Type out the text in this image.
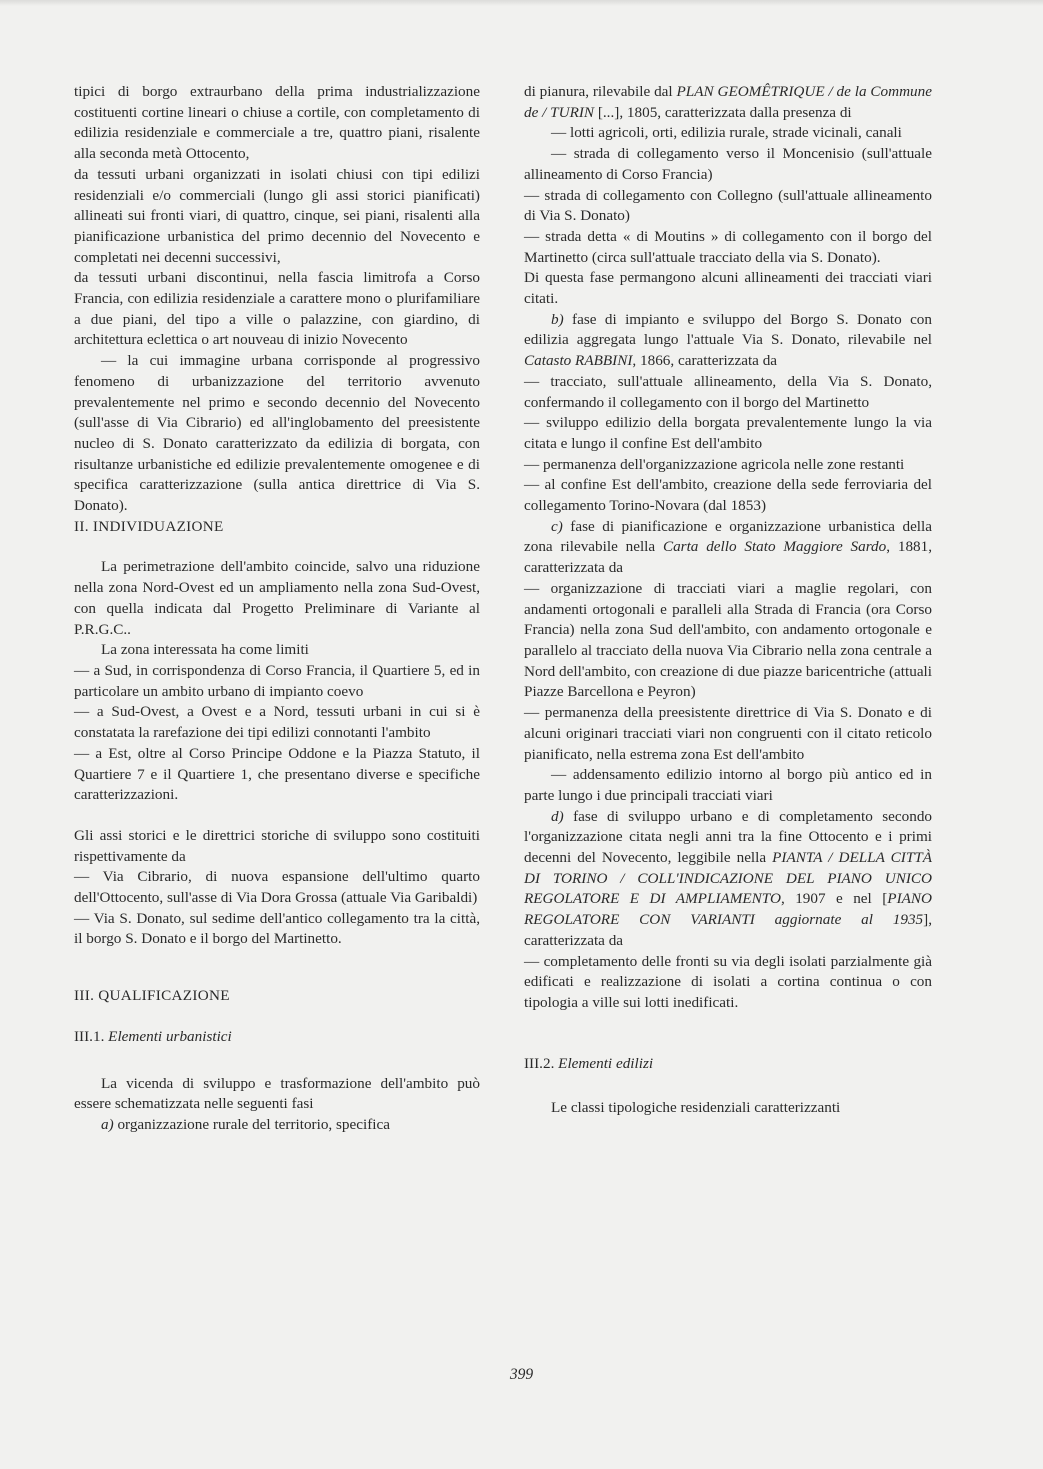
tipici di borgo extraurbano della prima industrializzazione costituenti cortine lineari o chiuse a cortile, con completamento di edilizia residenziale e commerciale a tre, quattro piani, risalente alla seconda metà Ottocento,

da tessuti urbani organizzati in isolati chiusi con tipi edilizi residenziali e/o commerciali (lungo gli assi storici pianificati) allineati sui fronti viari, di quattro, cinque, sei piani, risalenti alla pianificazione urbanistica del primo decennio del Novecento e completati nei decenni successivi,

da tessuti urbani discontinui, nella fascia limitrofa a Corso Francia, con edilizia residenziale a carattere mono o plurifamiliare a due piani, del tipo a ville o palazzine, con giardino, di architettura eclettica o art nouveau di inizio Novecento

— la cui immagine urbana corrisponde al progressivo fenomeno di urbanizzazione del territorio avvenuto prevalentemente nel primo e secondo decennio del Novecento (sull'asse di Via Cibrario) ed all'inglobamento del preesistente nucleo di S. Donato caratterizzato da edilizia di borgata, con risultanze urbanistiche ed edilizie prevalentemente omogenee e di specifica caratterizzazione (sulla antica direttrice di Via S. Donato).

II. INDIVIDUAZIONE

La perimetrazione dell'ambito coincide, salvo una riduzione nella zona Nord-Ovest ed un ampliamento nella zona Sud-Ovest, con quella indicata dal Progetto Preliminare di Variante al P.R.G.C..

La zona interessata ha come limiti

— a Sud, in corrispondenza di Corso Francia, il Quartiere 5, ed in particolare un ambito urbano di impianto coevo

— a Sud-Ovest, a Ovest e a Nord, tessuti urbani in cui si è constatata la rarefazione dei tipi edilizi connotanti l'ambito

— a Est, oltre al Corso Principe Oddone e la Piazza Statuto, il Quartiere 7 e il Quartiere 1, che presentano diverse e specifiche caratterizzazioni.

Gli assi storici e le direttrici storiche di sviluppo sono costituiti rispettivamente da

— Via Cibrario, di nuova espansione dell'ultimo quarto dell'Ottocento, sull'asse di Via Dora Grossa (attuale Via Garibaldi)

— Via S. Donato, sul sedime dell'antico collegamento tra la città, il borgo S. Donato e il borgo del Martinetto.

III. QUALIFICAZIONE

III.1. Elementi urbanistici

La vicenda di sviluppo e trasformazione dell'ambito può essere schematizzata nelle seguenti fasi

a) organizzazione rurale del territorio, specifica

di pianura, rilevabile dal PLAN GEOMÊTRIQUE / de la Commune de / TURIN [...], 1805, caratterizzata dalla presenza di

— lotti agricoli, orti, edilizia rurale, strade vicinali, canali

— strada di collegamento verso il Moncenisio (sull'attuale allineamento di Corso Francia)

— strada di collegamento con Collegno (sull'attuale allineamento di Via S. Donato)

— strada detta « di Moutins » di collegamento con il borgo del Martinetto (circa sull'attuale tracciato della via S. Donato).

Di questa fase permangono alcuni allineamenti dei tracciati viari citati.

b) fase di impianto e sviluppo del Borgo S. Donato con edilizia aggregata lungo l'attuale Via S. Donato, rilevabile nel Catasto RABBINI, 1866, caratterizzata da

— tracciato, sull'attuale allineamento, della Via S. Donato, confermando il collegamento con il borgo del Martinetto

— sviluppo edilizio della borgata prevalentemente lungo la via citata e lungo il confine Est dell'ambito

— permanenza dell'organizzazione agricola nelle zone restanti

— al confine Est dell'ambito, creazione della sede ferroviaria del collegamento Torino-Novara (dal 1853)

c) fase di pianificazione e organizzazione urbanistica della zona rilevabile nella Carta dello Stato Maggiore Sardo, 1881, caratterizzata da

— organizzazione di tracciati viari a maglie regolari, con andamenti ortogonali e paralleli alla Strada di Francia (ora Corso Francia) nella zona Sud dell'ambito, con andamento ortogonale e parallelo al tracciato della nuova Via Cibrario nella zona centrale a Nord dell'ambito, con creazione di due piazze baricentriche (attuali Piazze Barcellona e Peyron)

— permanenza della preesistente direttrice di Via S. Donato e di alcuni originari tracciati viari non congruenti con il citato reticolo pianificato, nella estrema zona Est dell'ambito

— addensamento edilizio intorno al borgo più antico ed in parte lungo i due principali tracciati viari

d) fase di sviluppo urbano e di completamento secondo l'organizzazione citata negli anni tra la fine Ottocento e i primi decenni del Novecento, leggibile nella PIANTA / DELLA CITTÀ DI TORINO / COLL'INDICAZIONE DEL PIANO UNICO REGOLATORE E DI AMPLIAMENTO, 1907 e nel [PIANO REGOLATORE CON VARIANTI aggiornate al 1935], caratterizzata da

— completamento delle fronti su via degli isolati parzialmente già edificati e realizzazione di isolati a cortina continua o con tipologia a ville sui lotti inedificati.

III.2. Elementi edilizi

Le classi tipologiche residenziali caratterizzanti

399
